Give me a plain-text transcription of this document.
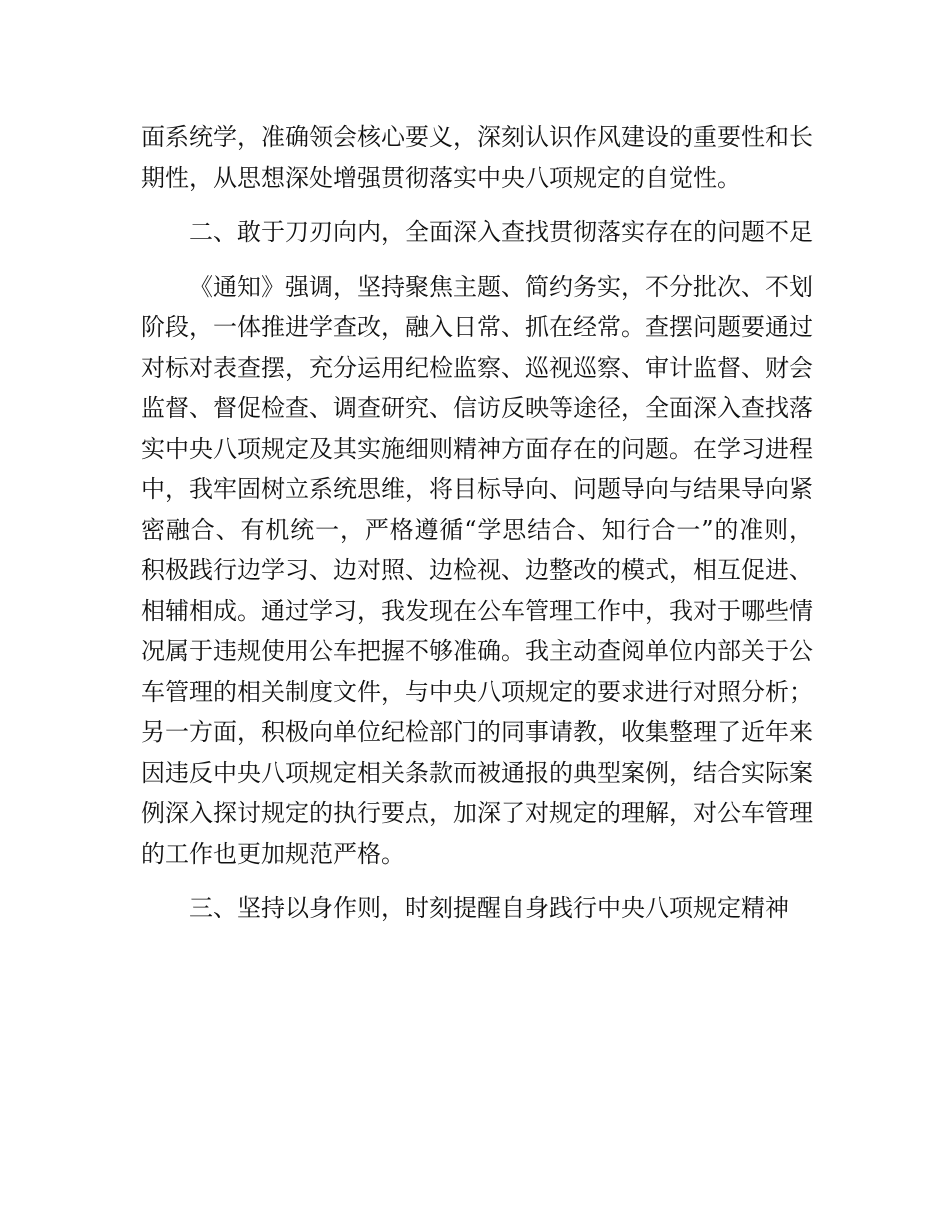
面系统学，准确领会核心要义，深刻认识作风建设的重要性和长期性，从思想深处增强贯彻落实中央八项规定的自觉性。

二、敢于刀刃向内，全面深入查找贯彻落实存在的问题不足

《通知》强调，坚持聚焦主题、简约务实，不分批次、不划阶段，一体推进学查改，融入日常、抓在经常。查摆问题要通过对标对表查摆，充分运用纪检监察、巡视巡察、审计监督、财会监督、督促检查、调查研究、信访反映等途径，全面深入查找落实中央八项规定及其实施细则精神方面存在的问题。在学习进程中，我牢固树立系统思维，将目标导向、问题导向与结果导向紧密融合、有机统一，严格遵循“学思结合、知行合一”的准则，积极践行边学习、边对照、边检视、边整改的模式，相互促进、相辅相成。通过学习，我发现在公车管理工作中，我对于哪些情况属于违规使用公车把握不够准确。我主动查阅单位内部关于公车管理的相关制度文件，与中央八项规定的要求进行对照分析；另一方面，积极向单位纪检部门的同事请教，收集整理了近年来因违反中央八项规定相关条款而被通报的典型案例，结合实际案例深入探讨规定的执行要点，加深了对规定的理解，对公车管理的工作也更加规范严格。

三、坚持以身作则，时刻提醒自身践行中央八项规定精神
